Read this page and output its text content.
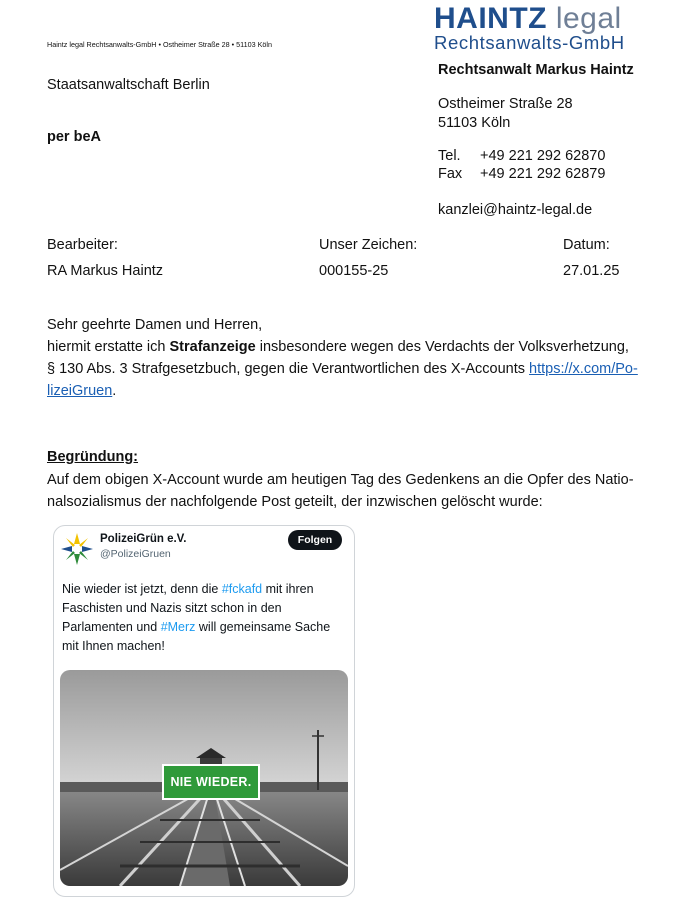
HAINTZ legal
Rechtsanwalts-GmbH
Haintz legal Rechtsanwalts-GmbH • Ostheimer Straße 28 • 51103 Köln
Staatsanwaltschaft Berlin
per beA
Rechtsanwalt Markus Haintz
Ostheimer Straße 28
51103 Köln
Tel. +49 221 292 62870
Fax +49 221 292 62879
kanzlei@haintz-legal.de
Bearbeiter:	Unser Zeichen:	Datum:
RA Markus Haintz	000155-25	27.01.25
Sehr geehrte Damen und Herren,
hiermit erstatte ich Strafanzeige insbesondere wegen des Verdachts der Volksverhetzung,
§ 130 Abs. 3 Strafgesetzbuch, gegen die Verantwortlichen des X-Accounts https://x.com/Po-
lizeiGruen.
Begründung:
Auf dem obigen X-Account wurde am heutigen Tag des Gedenkens an die Opfer des Natio-
nalsozialismus der nachfolgende Post geteilt, der inzwischen gelöscht wurde:
PolizeiGrün e.V.
@PolizeiGruen
Folgen
Nie wieder ist jetzt, denn die #fckafd mit ihren Faschisten und Nazis sitzt schon in den Parlamenten und #Merz will gemeinsame Sache mit Ihnen machen!
NIE WIEDER.
